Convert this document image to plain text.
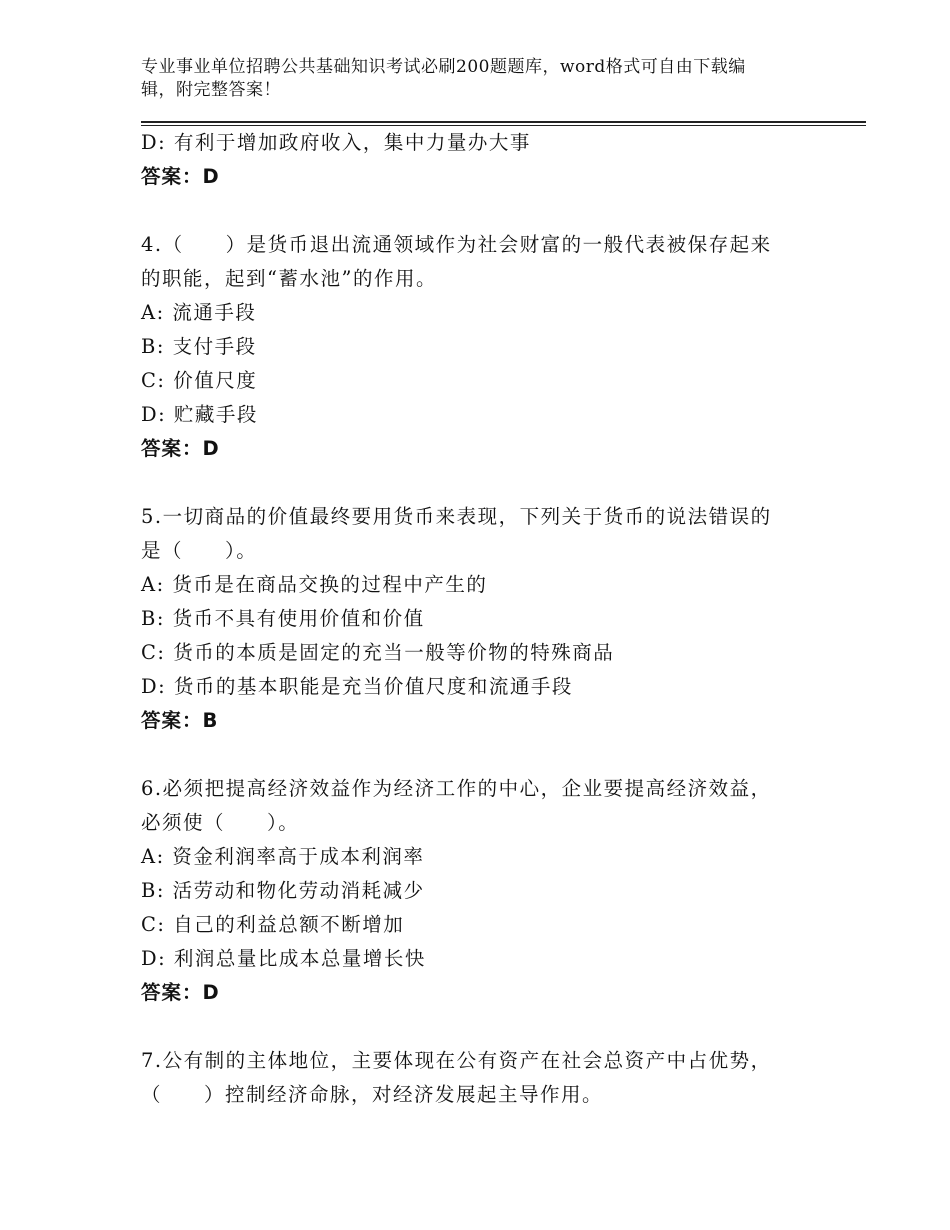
专业事业单位招聘公共基础知识考试必刷200题题库，word格式可自由下载编
辑，附完整答案！
D: 有利于增加政府收入，集中力量办大事
答案：D
4.（　　）是货币退出流通领域作为社会财富的一般代表被保存起来
的职能，起到“蓄水池”的作用。
A: 流通手段
B: 支付手段
C: 价值尺度
D: 贮藏手段
答案：D
5.一切商品的价值最终要用货币来表现，下列关于货币的说法错误的
是（　　）。
A: 货币是在商品交换的过程中产生的
B: 货币不具有使用价值和价值
C: 货币的本质是固定的充当一般等价物的特殊商品
D: 货币的基本职能是充当价值尺度和流通手段
答案：B
6.必须把提高经济效益作为经济工作的中心，企业要提高经济效益，
必须使（　　）。
A: 资金利润率高于成本利润率
B: 活劳动和物化劳动消耗减少
C: 自己的利益总额不断增加
D: 利润总量比成本总量增长快
答案：D
7.公有制的主体地位，主要体现在公有资产在社会总资产中占优势，
（　　）控制经济命脉，对经济发展起主导作用。
